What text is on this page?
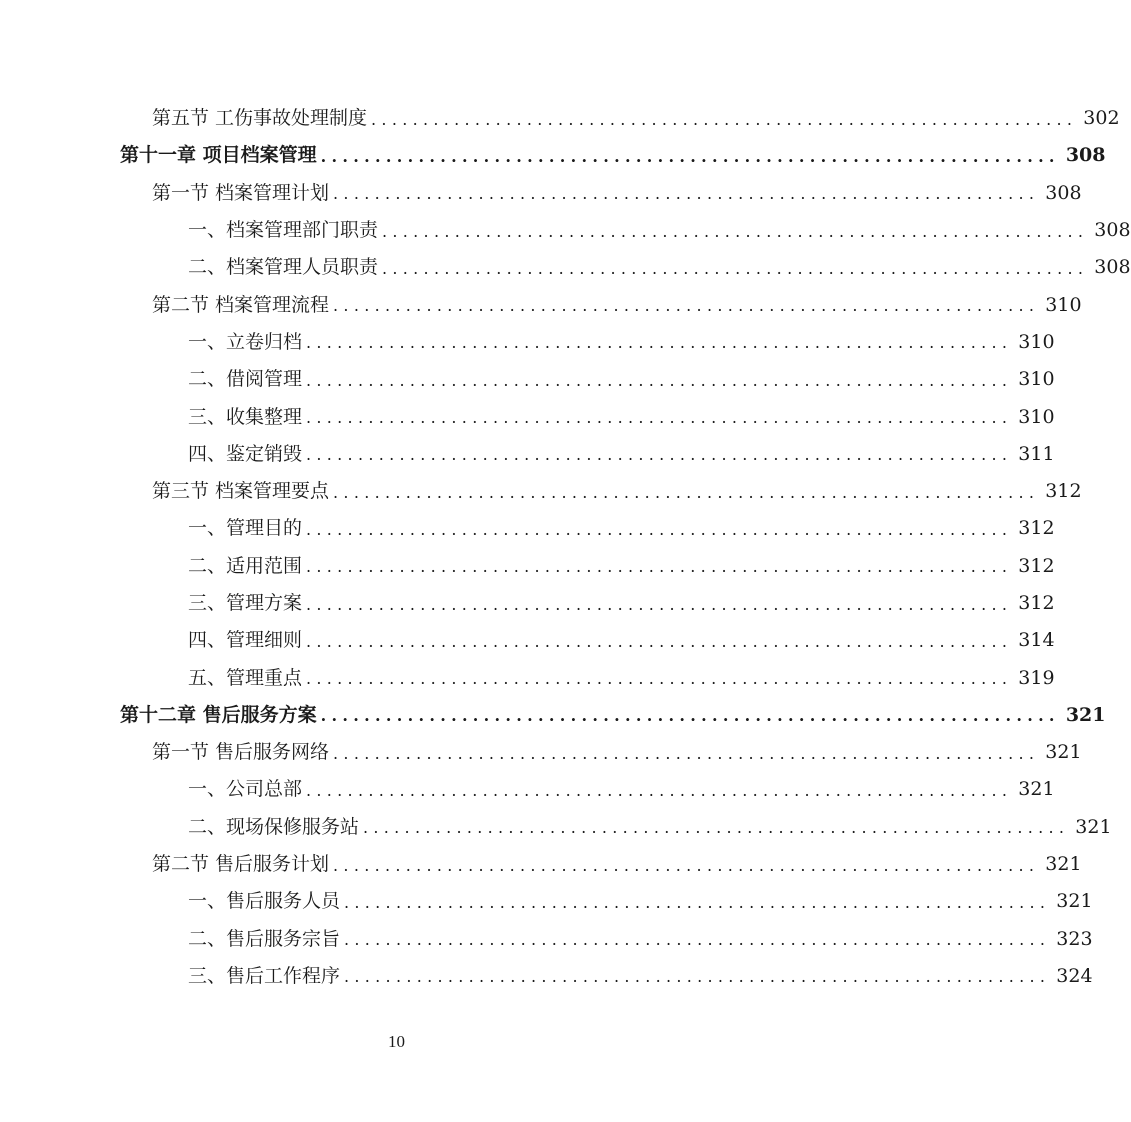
第五节 工伤事故处理制度 .................................................................... 302
第十一章 项目档案管理 .................................................................... 308
第一节 档案管理计划 .................................................................... 308
一、档案管理部门职责 .................................................................... 308
二、档案管理人员职责 .................................................................... 308
第二节 档案管理流程 .................................................................... 310
一、立卷归档 .................................................................... 310
二、借阅管理 .................................................................... 310
三、收集整理 .................................................................... 310
四、鉴定销毁 .................................................................... 311
第三节 档案管理要点 .................................................................... 312
一、管理目的 .................................................................... 312
二、适用范围 .................................................................... 312
三、管理方案 .................................................................... 312
四、管理细则 .................................................................... 314
五、管理重点 .................................................................... 319
第十二章 售后服务方案 .................................................................... 321
第一节 售后服务网络 .................................................................... 321
一、公司总部 .................................................................... 321
二、现场保修服务站 .................................................................... 321
第二节 售后服务计划 .................................................................... 321
一、售后服务人员 .................................................................... 321
二、售后服务宗旨 .................................................................... 323
三、售后工作程序 .................................................................... 324
10
